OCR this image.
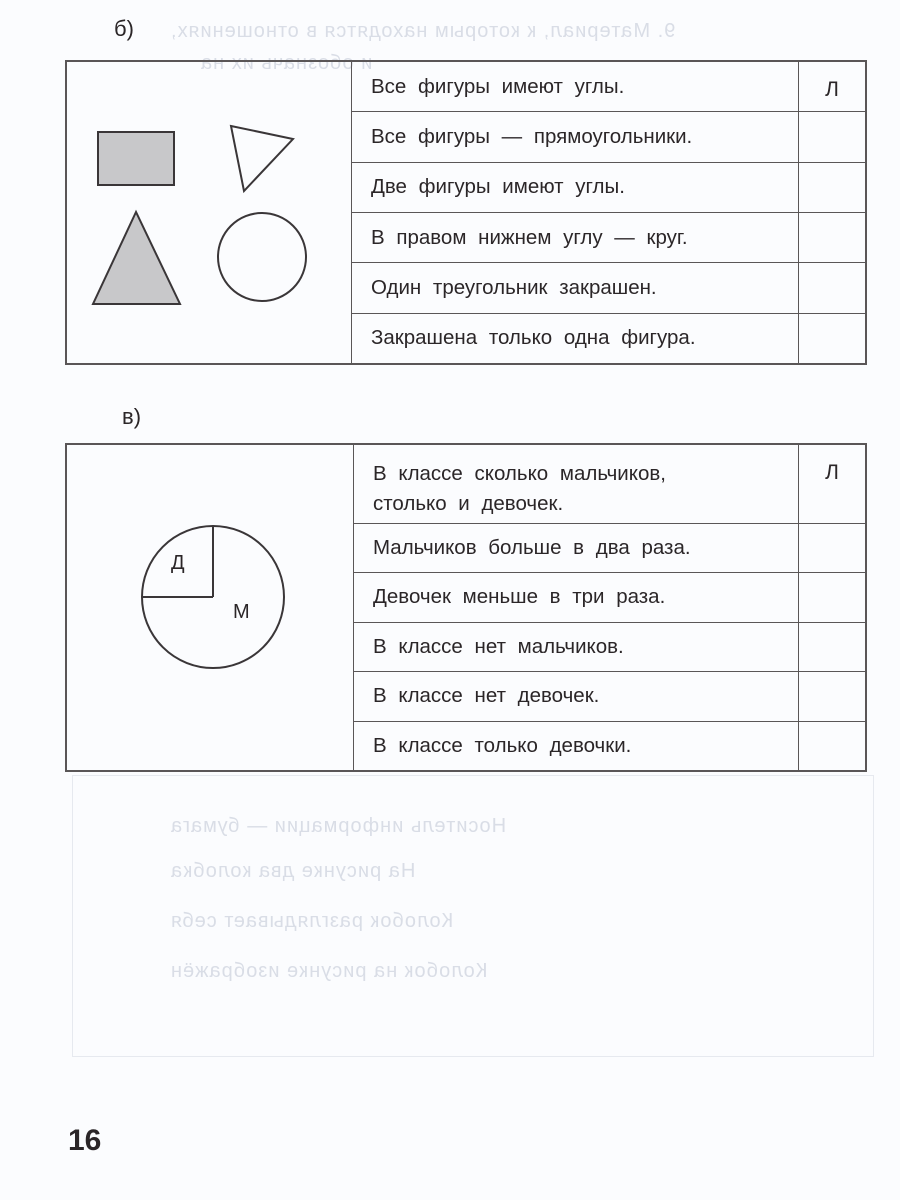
9. Материал, к которым находятся в отношениях,
и обозначь их на
Носитель информации — бумага
На рисунке два колобка
Колобок разглядывает себя
Колобок на рисунке изображён
б)
Все фигуры имеют углы.	Л
Все фигуры — прямоугольники.
Две фигуры имеют углы.
В правом нижнем углу — круг.
Один треугольник закрашен.
Закрашена только одна фигура.
в)
Д
М
В классе сколько мальчиков, столько и девочек.
Л
Мальчиков больше в два раза.
Девочек меньше в три раза.
В классе нет мальчиков.
В классе нет девочек.
В классе только девочки.
16
